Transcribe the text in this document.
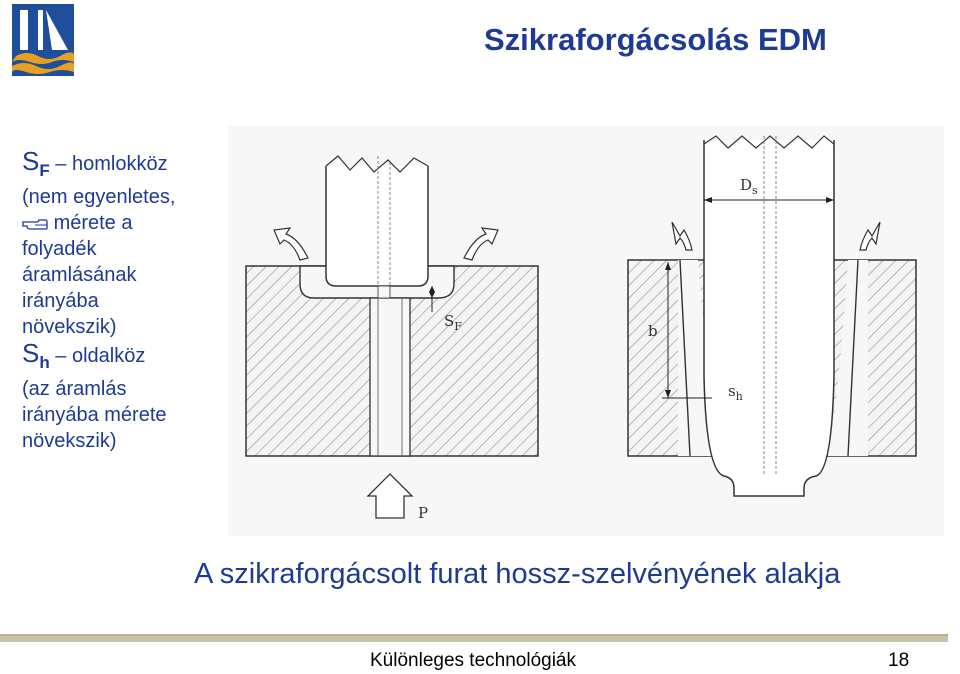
Szikraforgácsolás EDM
$S_F$ – homlokköz
(nem egyenletes,
mérete a
folyadék
áramlásának
irányába
növekszik)
$S_h$ – oldalköz
(az áramlás
irányába mérete
növekszik)
$S_F$
P
$D_s$
b
$s_h$
A szikraforgácsolt furat hossz-szelvényének alakja
Különleges technológiák	18
